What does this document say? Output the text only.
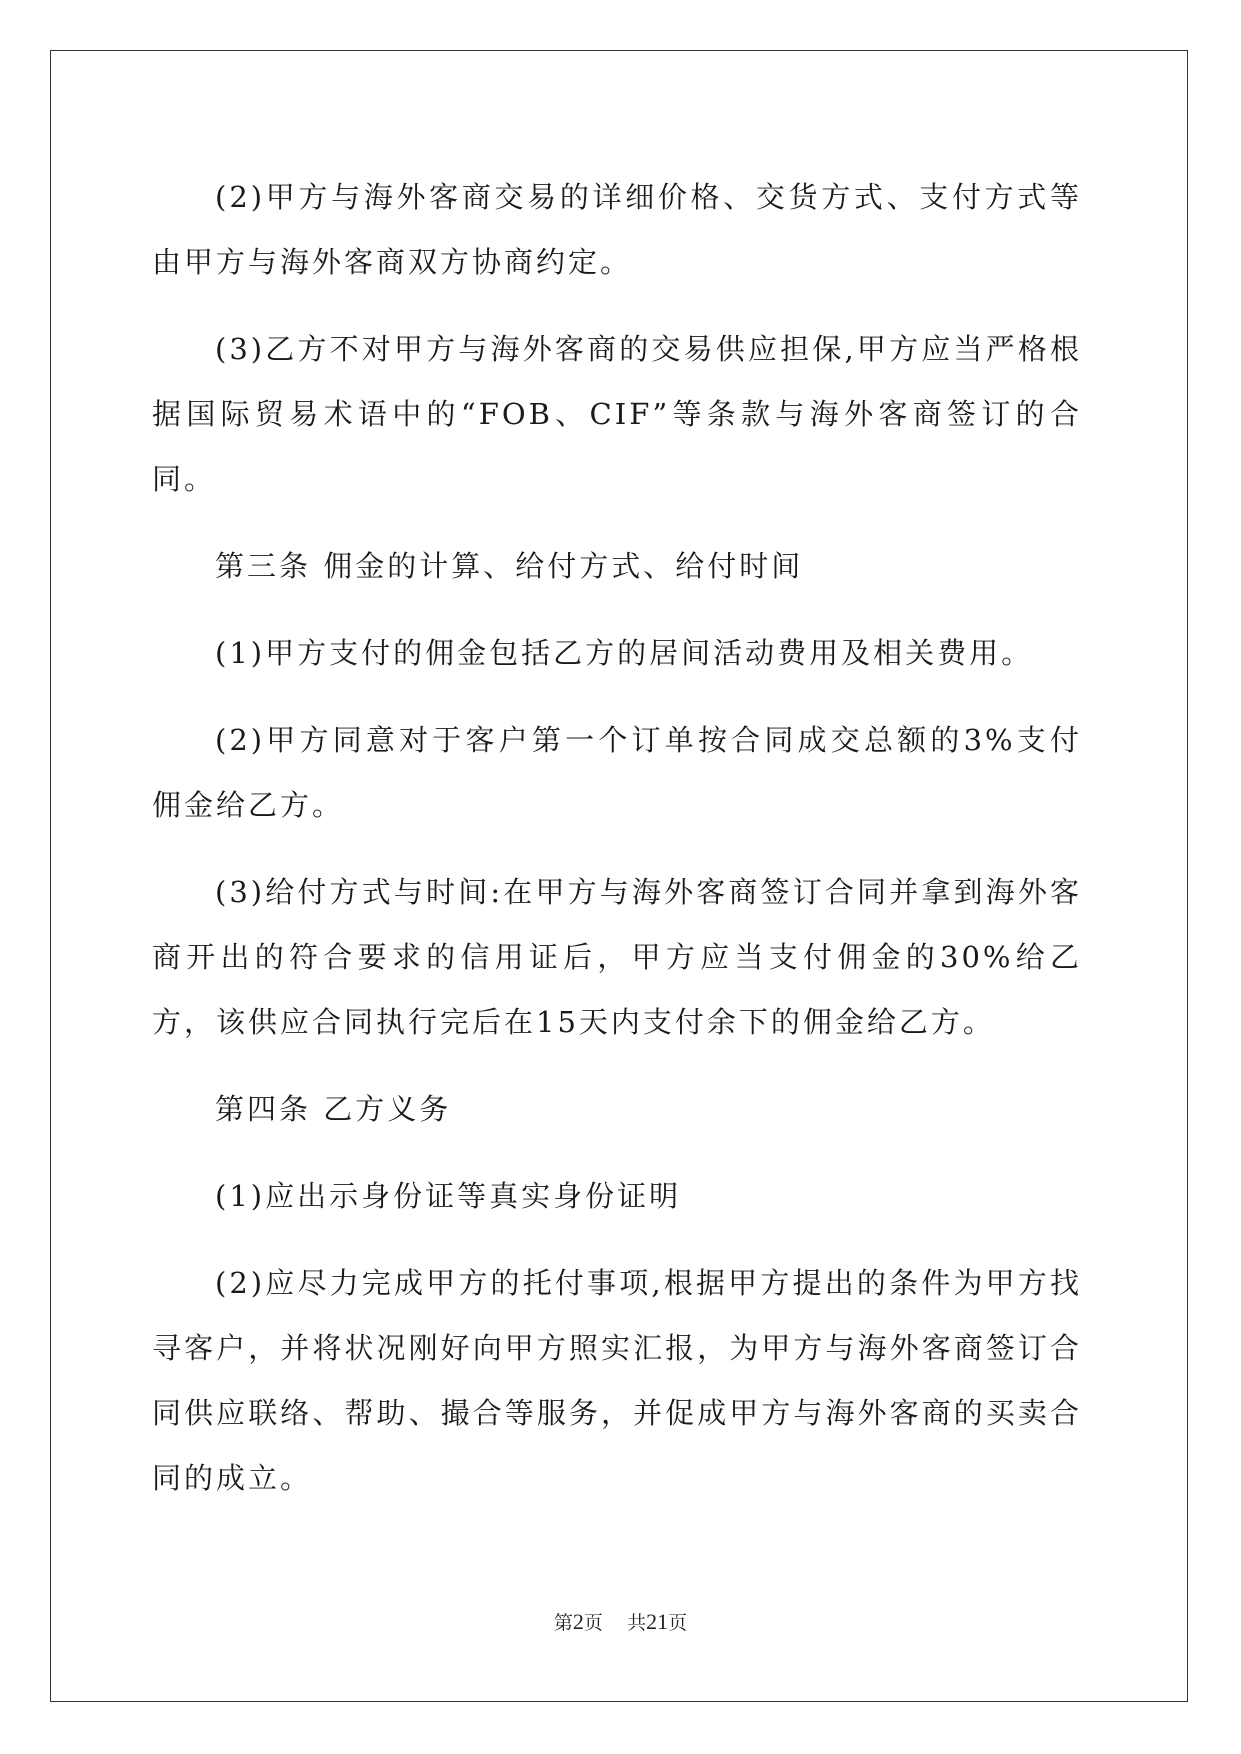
(2)甲方与海外客商交易的详细价格、交货方式、支付方式等由甲方与海外客商双方协商约定。

(3)乙方不对甲方与海外客商的交易供应担保,甲方应当严格根据国际贸易术语中的“FOB、CIF”等条款与海外客商签订的合同。

第三条 佣金的计算、给付方式、给付时间

(1)甲方支付的佣金包括乙方的居间活动费用及相关费用。

(2)甲方同意对于客户第一个订单按合同成交总额的3%支付佣金给乙方。

(3)给付方式与时间:在甲方与海外客商签订合同并拿到海外客商开出的符合要求的信用证后，甲方应当支付佣金的30%给乙方，该供应合同执行完后在15天内支付余下的佣金给乙方。

第四条 乙方义务

(1)应出示身份证等真实身份证明

(2)应尽力完成甲方的托付事项,根据甲方提出的条件为甲方找寻客户，并将状况刚好向甲方照实汇报，为甲方与海外客商签订合同供应联络、帮助、撮合等服务，并促成甲方与海外客商的买卖合同的成立。

第2页 共21页
